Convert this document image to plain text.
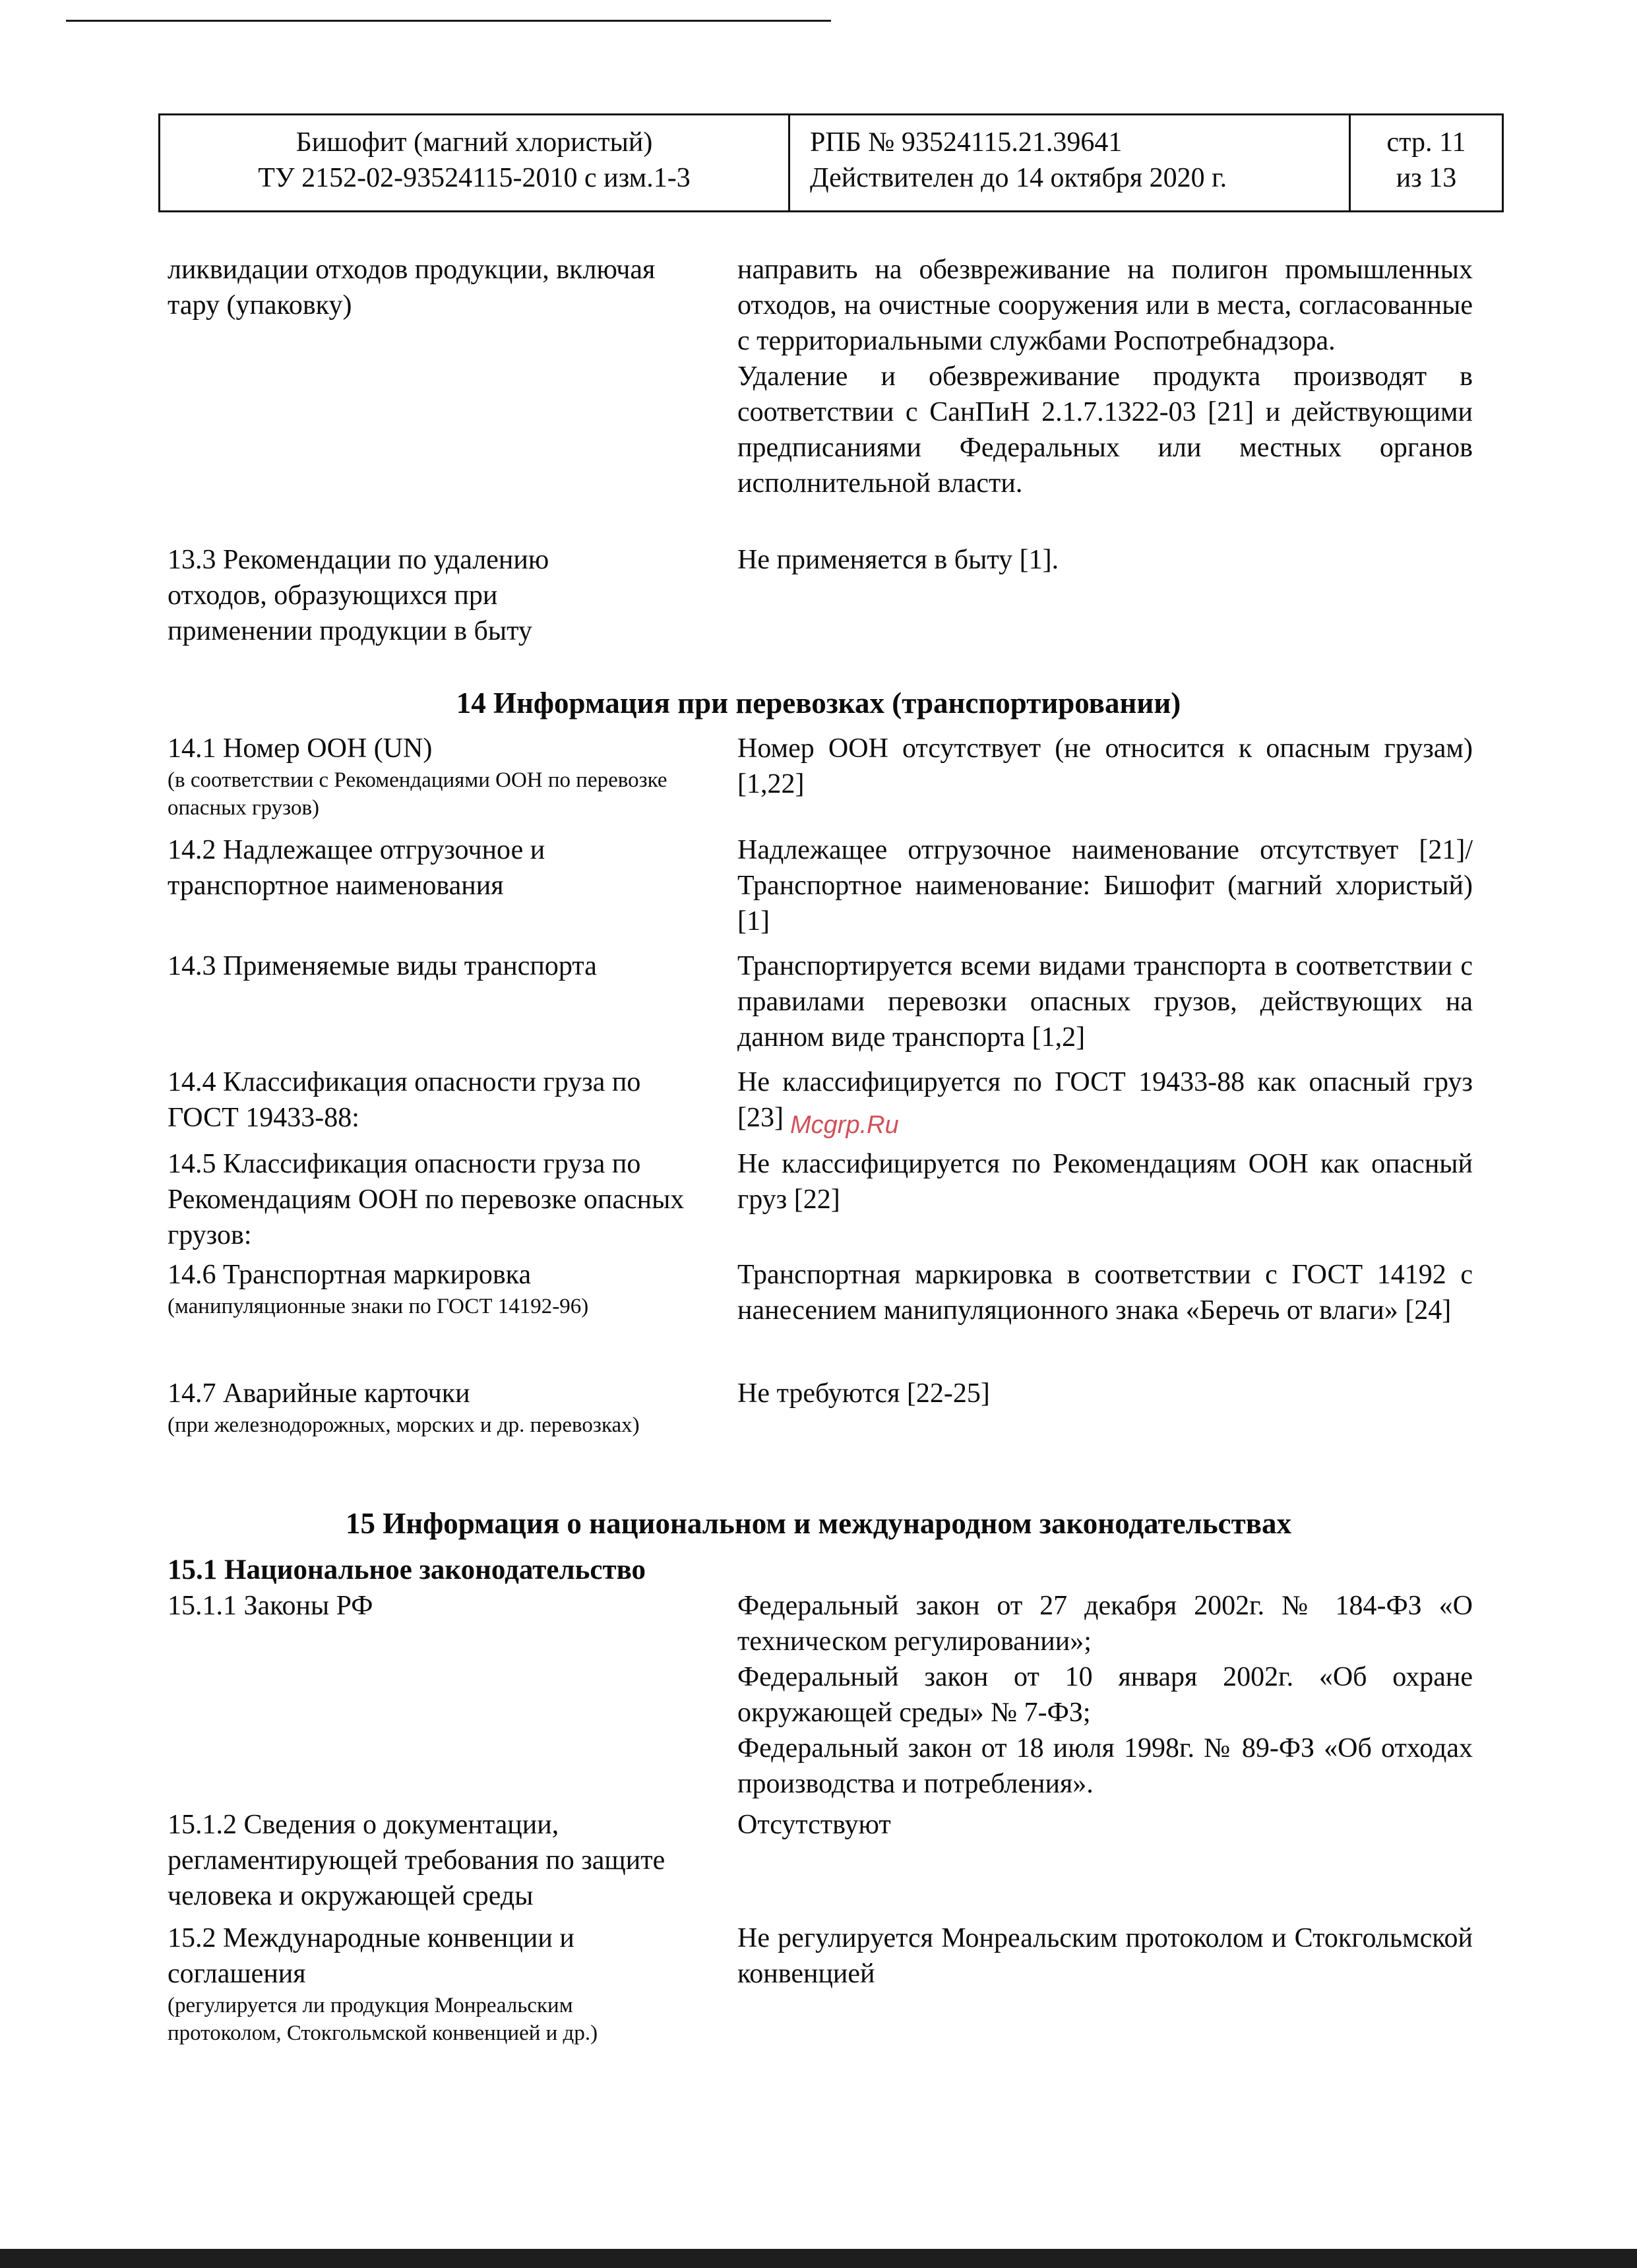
Бишофит (магний хлористый)
ТУ 2152-02-93524115-2010 с изм.1-3
РПБ № 93524115.21.39641
Действителен до 14 октября 2020 г.
стр. 11
из 13
ликвидации отходов продукции, включая тару (упаковку)

направить на обезвреживание на полигон промышленных отходов, на очистные сооружения или в места, согласованные с территориальными службами Роспотребнадзора.

Удаление и обезвреживание продукта производят в соответствии с СанПиН 2.1.7.1322-03 [21] и действующими предписаниями Федеральных или местных органов исполнительной власти.

13.3 Рекомендации по удалению отходов, образующихся при применении продукции в быту

Не применяется в быту [1].

14 Информация при перевозках (транспортировании)
14.1 Номер ООН (UN)
(в соответствии с Рекомендациями ООН по перевозке опасных грузов)

Номер ООН отсутствует (не относится к опасным грузам) [1,22]

14.2 Надлежащее отгрузочное и транспортное наименования

Надлежащее отгрузочное наименование отсутствует [21]/ Транспортное наименование: Бишофит (магний хлористый) [1]

14.3 Применяемые виды транспорта	Транспортируется всеми видами транспорта в соответствии с правилами перевозки опасных грузов, действующих на данном виде транспорта [1,2]

14.4 Классификация опасности груза по ГОСТ 19433-88:

Не классифицируется по ГОСТ 19433-88 как опасный груз [23]

14.5 Классификация опасности груза по Рекомендациям ООН по перевозке опасных грузов:

Не классифицируется по Рекомендациям ООН как опасный груз [22]

14.6 Транспортная маркировка
(манипуляционные знаки по ГОСТ 14192-96)

Транспортная маркировка в соответствии с ГОСТ 14192 с нанесением манипуляционного знака «Беречь от влаги» [24]

14.7 Аварийные карточки
(при железнодорожных, морских и др. перевозках)

Не требуются [22-25]

15 Информация о национальном и международном законодательствах
15.1 Национальное законодательство
15.1.1 Законы РФ	Федеральный закон от 27 декабря 2002г. № 184-ФЗ «О техническом регулировании»;

Федеральный закон от 10 января 2002г. «Об охране окружающей среды» № 7-ФЗ;

Федеральный закон от 18 июля 1998г. № 89-ФЗ «Об отходах производства и потребления».

15.1.2 Сведения о документации, регламентирующей требования по защите человека и окружающей среды

Отсутствуют

15.2 Международные конвенции и соглашения
(регулируется ли продукция Монреальским протоколом, Стокгольмской конвенцией и др.)

Не регулируется Монреальским протоколом и Стокгольмской конвенцией

Mcgrp.Ru
